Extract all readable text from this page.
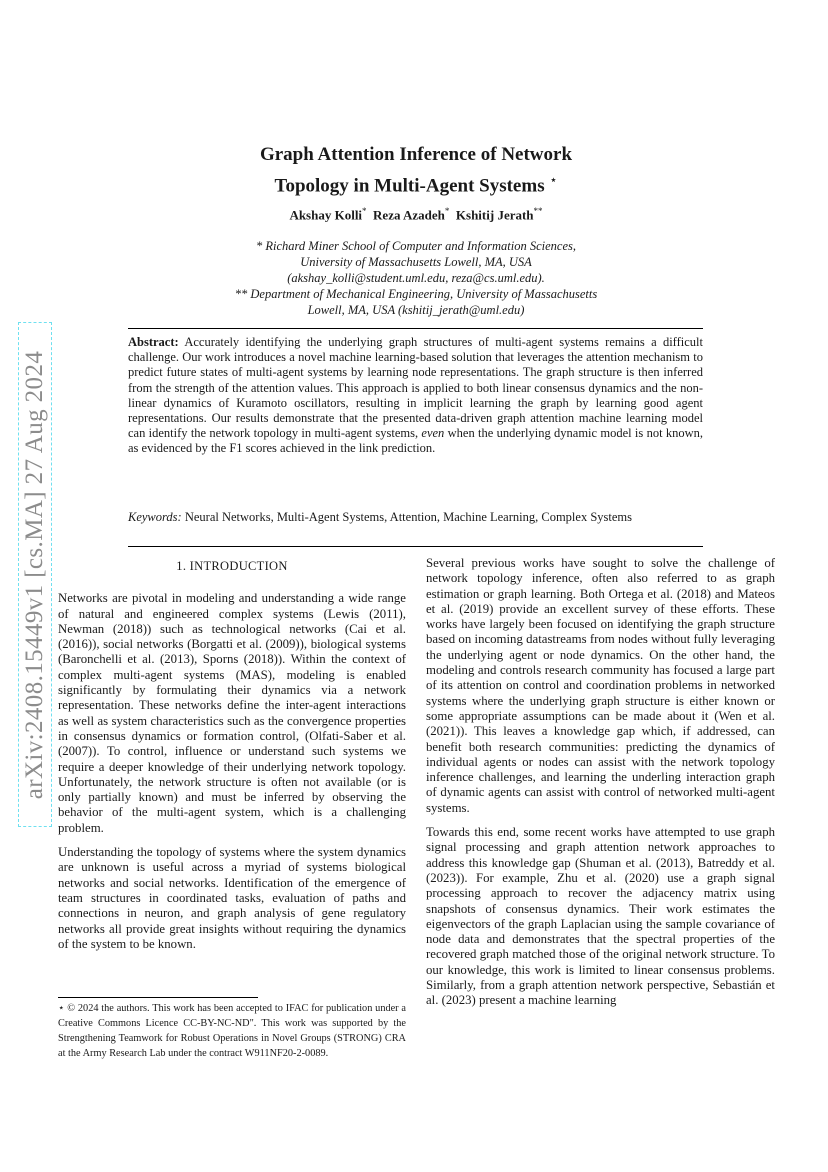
arXiv:2408.15449v1 [cs.MA] 27 Aug 2024
Graph Attention Inference of Network
Topology in Multi-Agent Systems ⋆
Akshay Kolli* Reza Azadeh* Kshitij Jerath**
* Richard Miner School of Computer and Information Sciences,
University of Massachusetts Lowell, MA, USA
(akshay_kolli@student.uml.edu, reza@cs.uml.edu).
** Department of Mechanical Engineering, University of Massachusetts
Lowell, MA, USA (kshitij_jerath@uml.edu)
Abstract: Accurately identifying the underlying graph structures of multi-agent systems remains a difficult challenge. Our work introduces a novel machine learning-based solution that leverages the attention mechanism to predict future states of multi-agent systems by learning node representations. The graph structure is then inferred from the strength of the attention values. This approach is applied to both linear consensus dynamics and the non-linear dynamics of Kuramoto oscillators, resulting in implicit learning the graph by learning good agent representations. Our results demonstrate that the presented data-driven graph attention machine learning model can identify the network topology in multi-agent systems, even when the underlying dynamic model is not known, as evidenced by the F1 scores achieved in the link prediction.
Keywords: Neural Networks, Multi-Agent Systems, Attention, Machine Learning, Complex Systems
1. INTRODUCTION

Networks are pivotal in modeling and understanding a wide range of natural and engineered complex systems (Lewis (2011), Newman (2018)) such as technological networks (Cai et al. (2016)), social networks (Borgatti et al. (2009)), biological systems (Baronchelli et al. (2013), Sporns (2018)). Within the context of complex multi-agent systems (MAS), modeling is enabled significantly by formulating their dynamics via a network representation. These networks define the inter-agent interactions as well as system characteristics such as the convergence properties in consensus dynamics or formation control, (Olfati-Saber et al. (2007)). To control, influence or understand such systems we require a deeper knowledge of their underlying network topology. Unfortunately, the network structure is often not available (or is only partially known) and must be inferred by observing the behavior of the multi-agent system, which is a challenging problem.

Understanding the topology of systems where the system dynamics are unknown is useful across a myriad of systems biological networks and social networks. Identification of the emergence of team structures in coordinated tasks, evaluation of paths and connections in neuron, and graph analysis of gene regulatory networks all provide great insights without requiring the dynamics of the system to be known.

Several previous works have sought to solve the challenge of network topology inference, often also referred to as graph estimation or graph learning. Both Ortega et al. (2018) and Mateos et al. (2019) provide an excellent survey of these efforts. These works have largely been focused on identifying the graph structure based on incoming datastreams from nodes without fully leveraging the underlying agent or node dynamics. On the other hand, the modeling and controls research community has focused a large part of its attention on control and coordination problems in networked systems where the underlying graph structure is either known or some appropriate assumptions can be made about it (Wen et al. (2021)). This leaves a knowledge gap which, if addressed, can benefit both research communities: predicting the dynamics of individual agents or nodes can assist with the network topology inference challenges, and learning the underling interaction graph of dynamic agents can assist with control of networked multi-agent systems.

Towards this end, some recent works have attempted to use graph signal processing and graph attention network approaches to address this knowledge gap (Shuman et al. (2013), Batreddy et al. (2023)). For example, Zhu et al. (2020) use a graph signal processing approach to recover the adjacency matrix using snapshots of consensus dynamics. Their work estimates the eigenvectors of the graph Laplacian using the sample covariance of node data and demonstrates that the spectral properties of the recovered graph matched those of the original network structure. To our knowledge, this work is limited to linear consensus problems. Similarly, from a graph attention network perspective, Sebastián et al. (2023) present a machine learning

⋆ © 2024 the authors. This work has been accepted to IFAC for publication under a Creative Commons Licence CC-BY-NC-ND". This work was supported by the Strengthening Teamwork for Robust Operations in Novel Groups (STRONG) CRA at the Army Research Lab under the contract W911NF20-2-0089.
